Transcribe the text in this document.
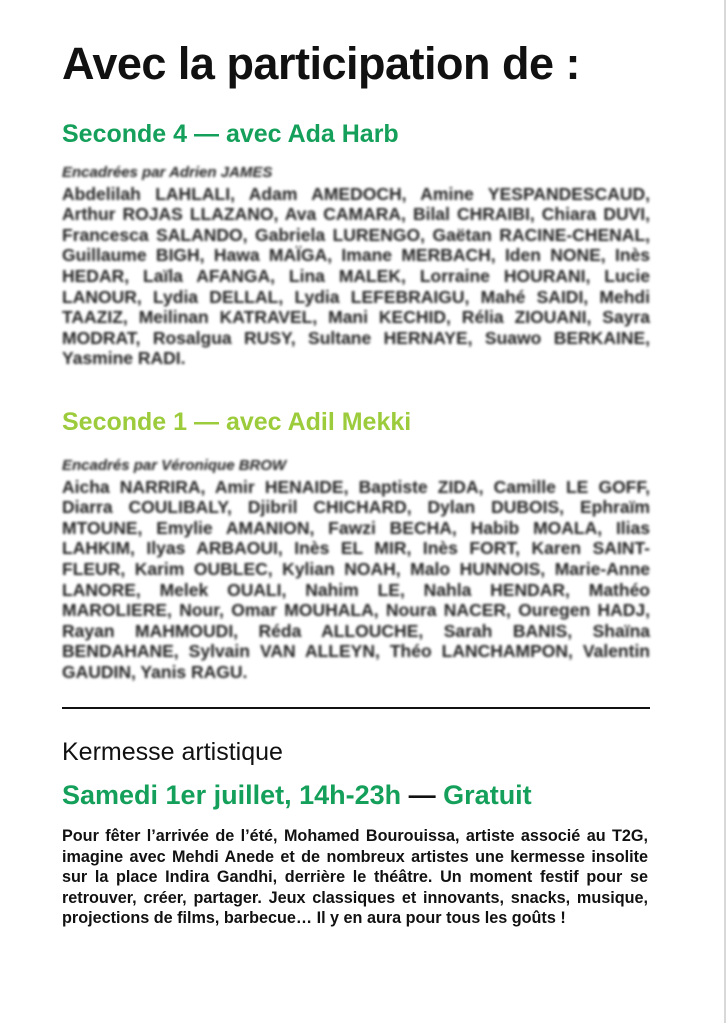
Avec la participation de :
Seconde 4 — avec Ada Harb

Encadrées par Adrien JAMES
Abdelilah LAHLALI, Adam AMEDOCH, Amine YESPANDESCAUD, Arthur ROJAS LLAZANO, Ava CAMARA, Bilal CHRAIBI, Chiara DUVI, Francesca SALANDO, Gabriela LURENGO, Gaëtan RACINE-CHENAL, Guillaume BIGH, Hawa MAÏGA, Imane MERBACH, Iden NONE, Inès HEDAR, Laïla AFANGA, Lina MALEK, Lorraine HOURANI, Lucie LANOUR, Lydia DELLAL, Lydia LEFEBRAIGU, Mahé SAIDI, Mehdi TAAZIZ, Meilinan KATRAVEL, Mani KECHID, Rélia ZIOUANI, Sayra MODRAT, Rosalgua RUSY, Sultane HERNAYE, Suawo BERKAINE, Yasmine RADI.

Seconde 1 — avec Adil Mekki

Encadrés par Véronique BROW
Aicha NARRIRA, Amir HENAIDE, Baptiste ZIDA, Camille LE GOFF, Diarra COULIBALY, Djibril CHICHARD, Dylan DUBOIS, Ephraïm MTOUNE, Emylie AMANION, Fawzi BECHA, Habib MOALA, Ilias LAHKIM, Ilyas ARBAOUI, Inès EL MIR, Inès FORT, Karen SAINT-FLEUR, Karim OUBLEC, Kylian NOAH, Malo HUNNOIS, Marie-Anne LANORE, Melek OUALI, Nahim LE, Nahla HENDAR, Mathéo MAROLIERE, Nour, Omar MOUHALA, Noura NACER, Ouregen HADJ, Rayan MAHMOUDI, Réda ALLOUCHE, Sarah BANIS, Shaïna BENDAHANE, Sylvain VAN ALLEYN, Théo LANCHAMPON, Valentin GAUDIN, Yanis RAGU.

Kermesse artistique
Samedi 1er juillet, 14h-23h — Gratuit

Pour fêter l’arrivée de l’été, Mohamed Bourouissa, artiste associé au T2G, imagine avec Mehdi Anede et de nombreux artistes une kermesse insolite sur la place Indira Gandhi, derrière le théâtre. Un moment festif pour se retrouver, créer, partager. Jeux classiques et innovants, snacks, musique, projections de films, barbecue… Il y en aura pour tous les goûts !
